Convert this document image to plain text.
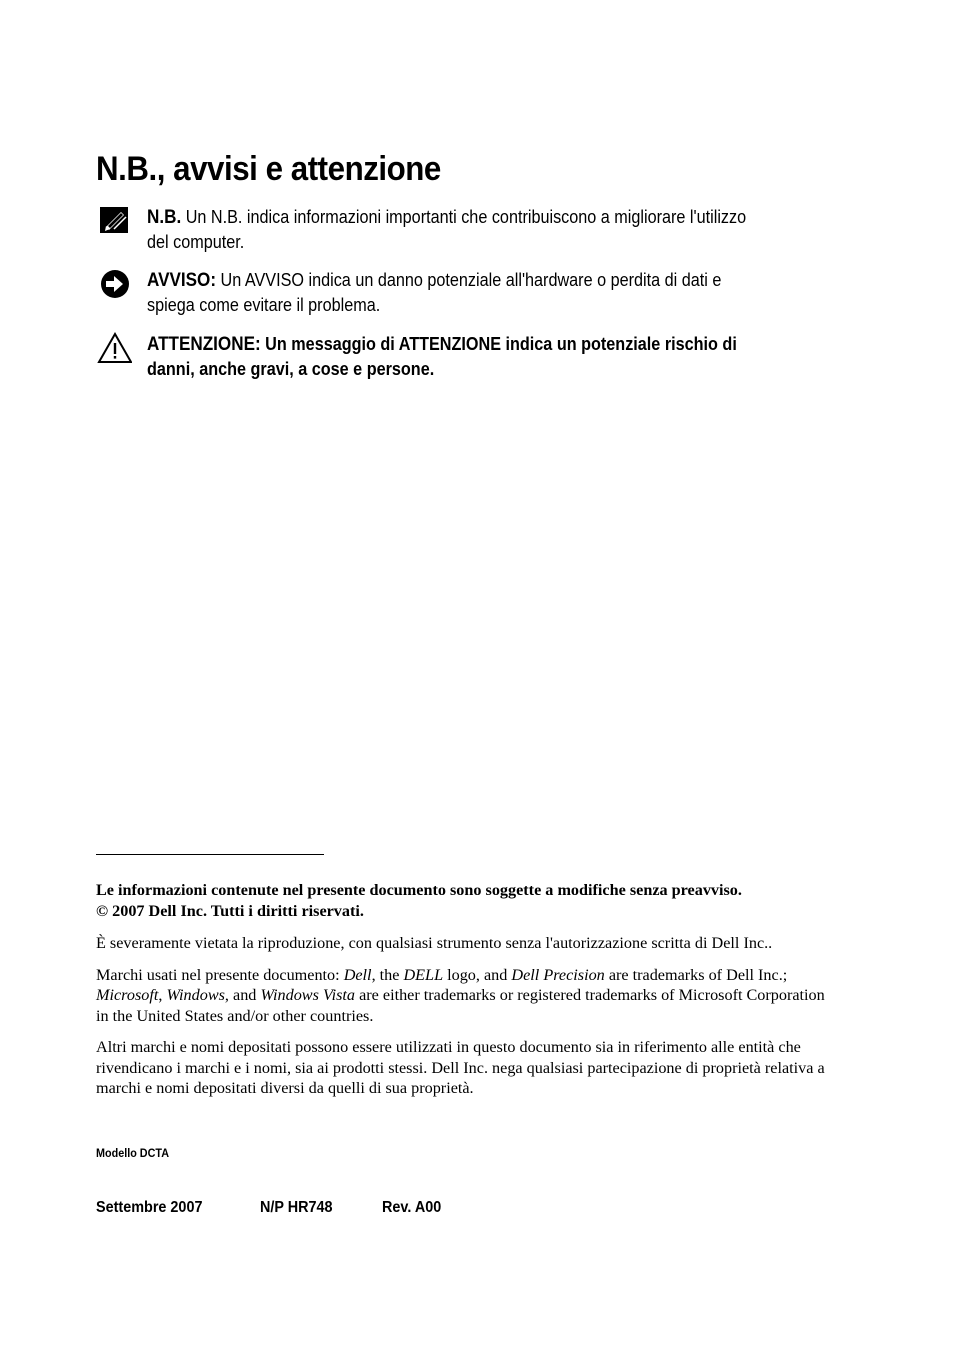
N.B., avvisi e attenzione
N.B. Un N.B. indica informazioni importanti che contribuiscono a migliorare l'utilizzo del computer.
AVVISO: Un AVVISO indica un danno potenziale all'hardware o perdita di dati e spiega come evitare il problema.
ATTENZIONE: Un messaggio di ATTENZIONE indica un potenziale rischio di danni, anche gravi, a cose e persone.

Le informazioni contenute nel presente documento sono soggette a modifiche senza preavviso.
© 2007 Dell Inc. Tutti i diritti riservati.

È severamente vietata la riproduzione, con qualsiasi strumento senza l'autorizzazione scritta di Dell Inc..

Marchi usati nel presente documento: Dell, the DELL logo, and Dell Precision are trademarks of Dell Inc.; Microsoft, Windows, and Windows Vista are either trademarks or registered trademarks of Microsoft Corporation in the United States and/or other countries.

Altri marchi e nomi depositati possono essere utilizzati in questo documento sia in riferimento alle entità che rivendicano i marchi e i nomi, sia ai prodotti stessi. Dell Inc. nega qualsiasi partecipazione di proprietà relativa a marchi e nomi depositati diversi da quelli di sua proprietà.

Modello DCTA
Settembre 2007	N/P HR748	Rev. A00
